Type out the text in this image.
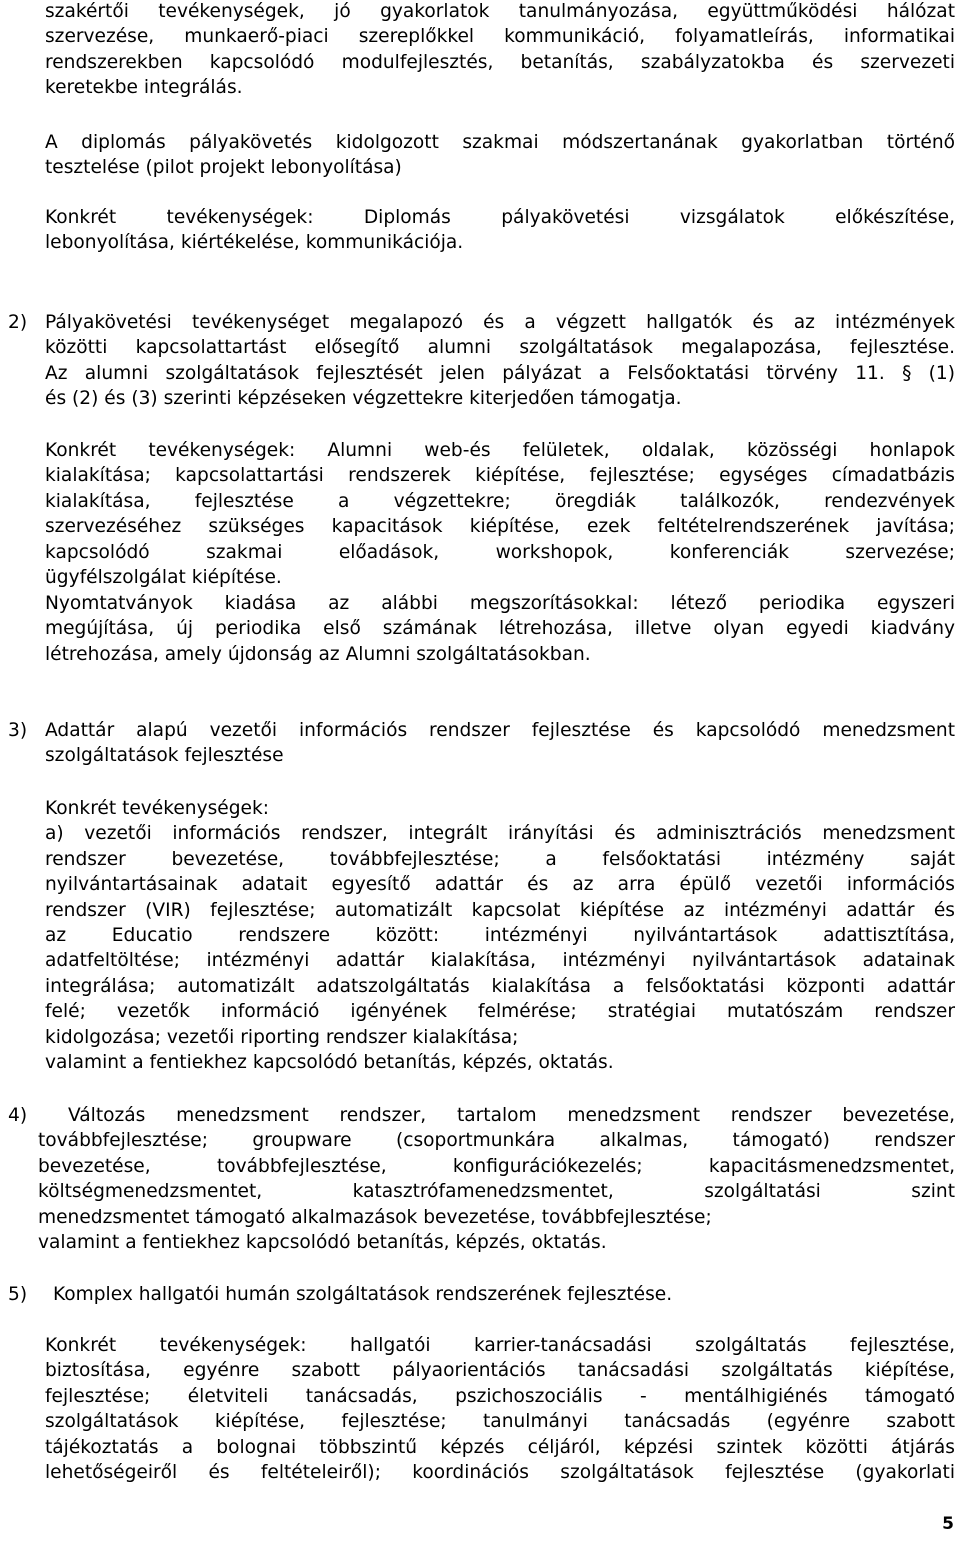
szakértői tevékenységek, jó gyakorlatok tanulmányozása, együttműködési hálózat
szervezése, munkaerő-piaci szereplőkkel kommunikáció, folyamatleírás, informatikai
rendszerekben kapcsolódó modulfejlesztés, betanítás, szabályzatokba és szervezeti
keretekbe integrálás.
A diplomás pályakövetés kidolgozott szakmai módszertanának gyakorlatban történő
tesztelése (pilot projekt lebonyolítása)
Konkrét tevékenységek: Diplomás pályakövetési vizsgálatok előkészítése,
lebonyolítása, kiértékelése, kommunikációja.
2) Pályakövetési tevékenységet megalapozó és a végzett hallgatók és az intézmények
közötti kapcsolattartást elősegítő alumni szolgáltatások megalapozása, fejlesztése.
Az alumni szolgáltatások fejlesztését jelen pályázat a Felsőoktatási törvény 11. § (1)
és (2) és (3) szerinti képzéseken végzettekre kiterjedően támogatja.
Konkrét tevékenységek: Alumni web-és felületek, oldalak, közösségi honlapok
kialakítása; kapcsolattartási rendszerek kiépítése, fejlesztése; egységes címadatbázis
kialakítása, fejlesztése a végzettekre; öregdiák találkozók, rendezvények
szervezéséhez szükséges kapacitások kiépítése, ezek feltételrendszerének javítása;
kapcsolódó szakmai előadások, workshopok, konferenciák szervezése;
ügyfélszolgálat kiépítése.
Nyomtatványok kiadása az alábbi megszorításokkal: létező periodika egyszeri
megújítása, új periodika első számának létrehozása, illetve olyan egyedi kiadvány
létrehozása, amely újdonság az Alumni szolgáltatásokban.
3) Adattár alapú vezetői információs rendszer fejlesztése és kapcsolódó menedzsment
szolgáltatások fejlesztése
Konkrét tevékenységek:
a) vezetői információs rendszer, integrált irányítási és adminisztrációs menedzsment
rendszer bevezetése, továbbfejlesztése; a felsőoktatási intézmény saját
nyilvántartásainak adatait egyesítő adattár és az arra épülő vezetői információs
rendszer (VIR) fejlesztése; automatizált kapcsolat kiépítése az intézményi adattár és
az Educatio rendszere között: intézményi nyilvántartások adattisztítása,
adatfeltöltése; intézményi adattár kialakítása, intézményi nyilvántartások adatainak
integrálása; automatizált adatszolgáltatás kialakítása a felsőoktatási központi adattár
felé; vezetők információ igényének felmérése; stratégiai mutatószám rendszer
kidolgozása; vezetői riporting rendszer kialakítása;
valamint a fentiekhez kapcsolódó betanítás, képzés, oktatás.
4)	Változás menedzsment rendszer, tartalom menedzsment rendszer bevezetése,
továbbfejlesztése; groupware (csoportmunkára alkalmas, támogató) rendszer
bevezetése, továbbfejlesztése, konfigurációkezelés; kapacitásmenedzsmentet,
költségmenedzsmentet, katasztrófamenedzsmentet, szolgáltatási szint
menedzsmentet támogató alkalmazások bevezetése, továbbfejlesztése;
valamint a fentiekhez kapcsolódó betanítás, képzés, oktatás.
5) Komplex hallgatói humán szolgáltatások rendszerének fejlesztése.
Konkrét tevékenységek: hallgatói karrier-tanácsadási szolgáltatás fejlesztése,
biztosítása, egyénre szabott pályaorientációs tanácsadási szolgáltatás kiépítése,
fejlesztése; életviteli tanácsadás, pszichoszociális - mentálhigiénés támogató
szolgáltatások kiépítése, fejlesztése; tanulmányi tanácsadás (egyénre szabott
tájékoztatás a bolognai többszintű képzés céljáról, képzési szintek közötti átjárás
lehetőségeiről és feltételeiről); koordinációs szolgáltatások fejlesztése (gyakorlati
5
